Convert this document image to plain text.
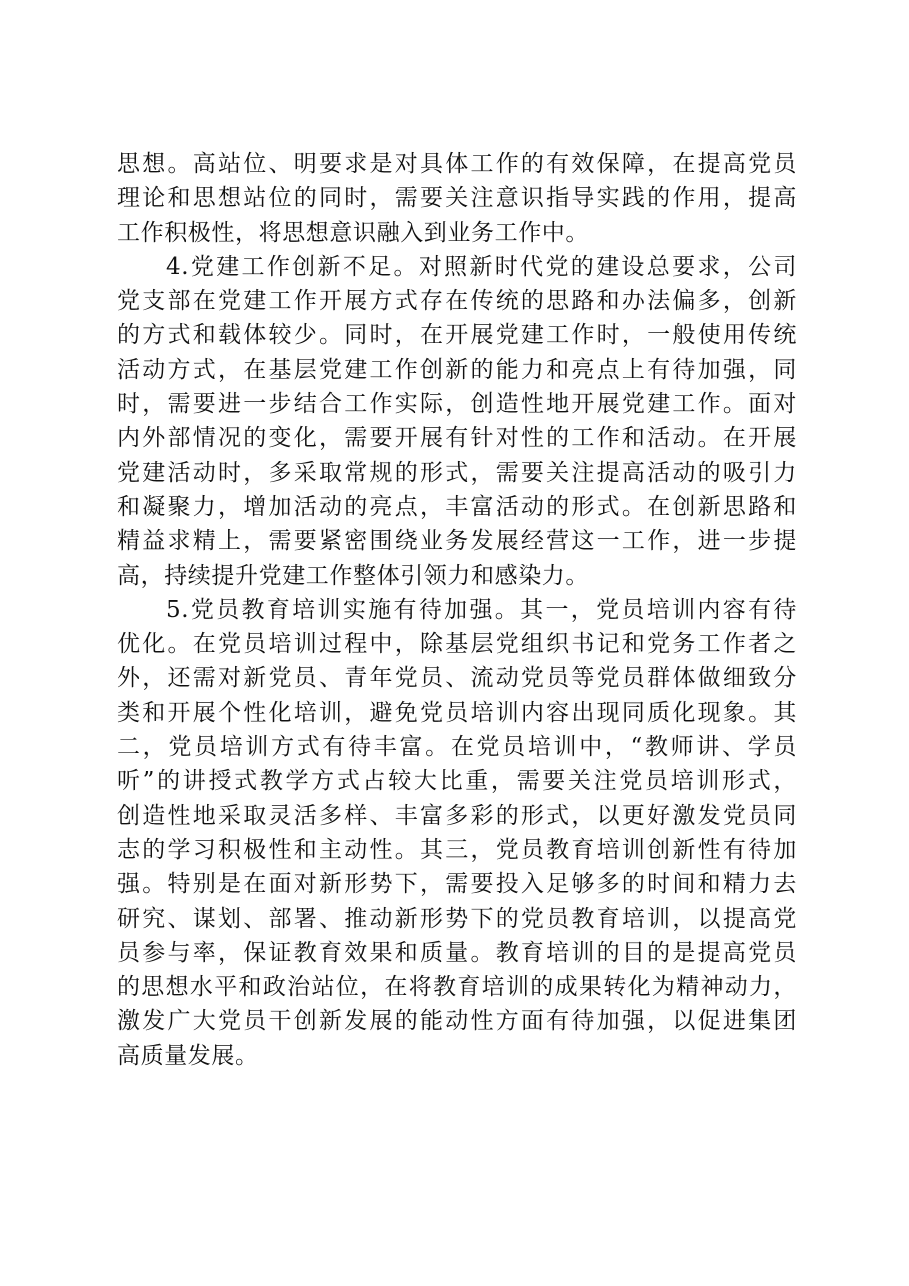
思想。高站位、明要求是对具体工作的有效保障，在提高党员
理论和思想站位的同时，需要关注意识指导实践的作用，提高
工作积极性，将思想意识融入到业务工作中。
4.党建工作创新不足。对照新时代党的建设总要求，公司
党支部在党建工作开展方式存在传统的思路和办法偏多，创新
的方式和载体较少。同时，在开展党建工作时，一般使用传统
活动方式，在基层党建工作创新的能力和亮点上有待加强，同
时，需要进一步结合工作实际，创造性地开展党建工作。面对
内外部情况的变化，需要开展有针对性的工作和活动。在开展
党建活动时，多采取常规的形式，需要关注提高活动的吸引力
和凝聚力，增加活动的亮点，丰富活动的形式。在创新思路和
精益求精上，需要紧密围绕业务发展经营这一工作，进一步提
高，持续提升党建工作整体引领力和感染力。
5.党员教育培训实施有待加强。其一，党员培训内容有待
优化。在党员培训过程中，除基层党组织书记和党务工作者之
外，还需对新党员、青年党员、流动党员等党员群体做细致分
类和开展个性化培训，避免党员培训内容出现同质化现象。其
二，党员培训方式有待丰富。在党员培训中，“教师讲、学员
听”的讲授式教学方式占较大比重，需要关注党员培训形式，
创造性地采取灵活多样、丰富多彩的形式，以更好激发党员同
志的学习积极性和主动性。其三，党员教育培训创新性有待加
强。特别是在面对新形势下，需要投入足够多的时间和精力去
研究、谋划、部署、推动新形势下的党员教育培训，以提高党
员参与率，保证教育效果和质量。教育培训的目的是提高党员
的思想水平和政治站位，在将教育培训的成果转化为精神动力，
激发广大党员干创新发展的能动性方面有待加强，以促进集团
高质量发展。
